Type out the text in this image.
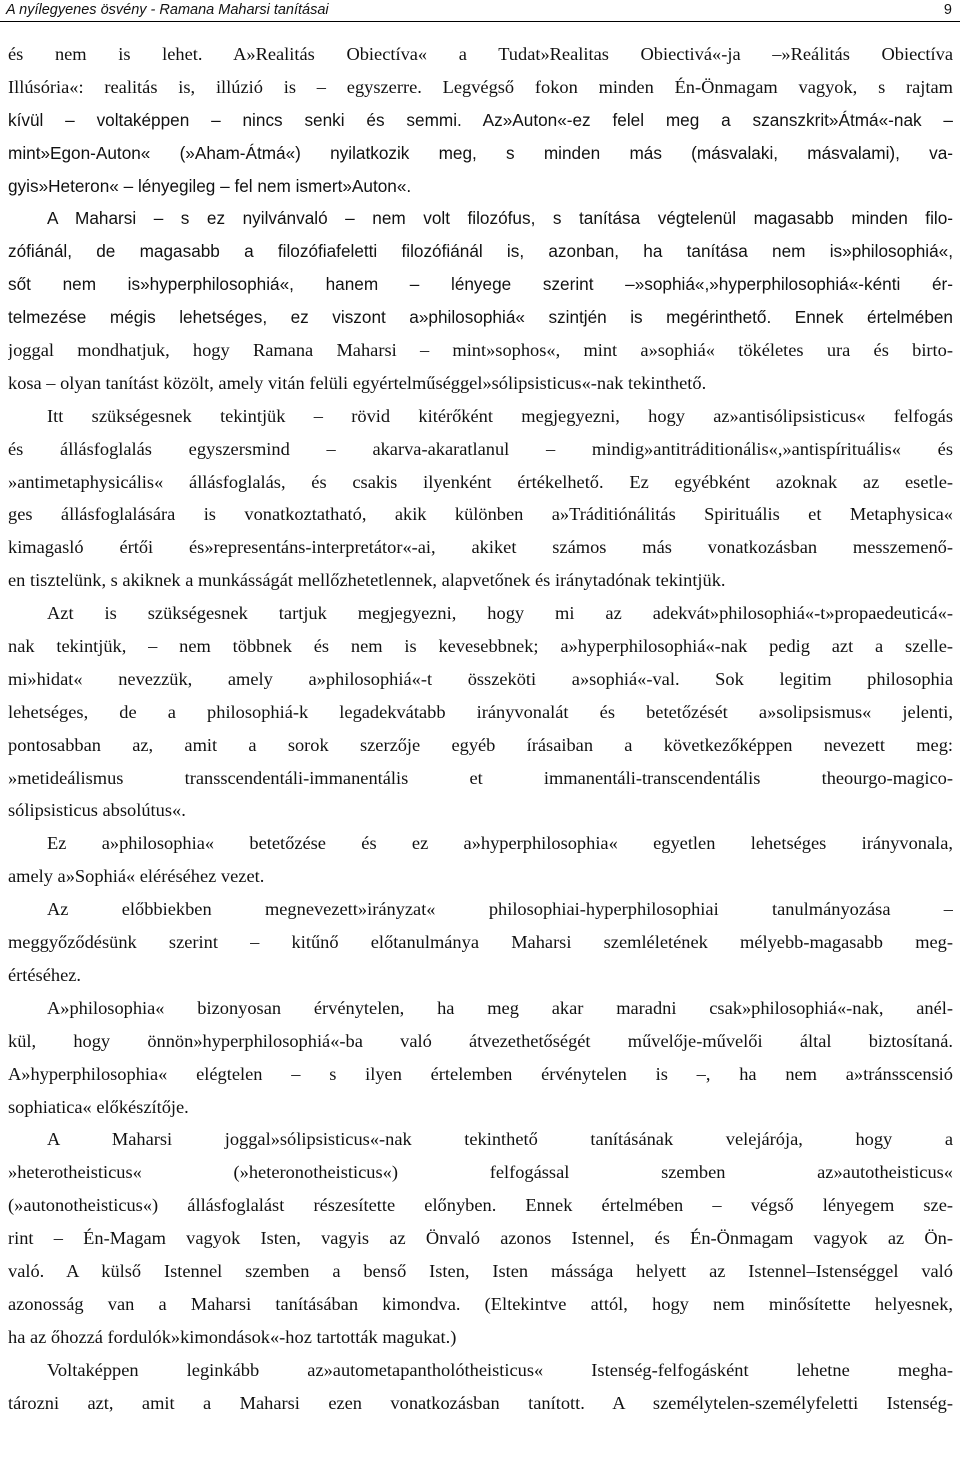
A nyílegyenes ösvény - Ramana Maharsi tanításai	9
és nem is lehet. A»Realitás Obiectíva« a Tudat»Realitas Obiectivá«-ja –»Reálitás Obiectíva
Illúsória«: realitás is, illúzió is – egyszerre. Legvégső fokon minden Én-Önmagam vagyok, s rajtam
kívül – voltaképpen – nincs senki és semmi. Az»Auton«-ez felel meg a szanszkrit»Átmá«-nak –
mint»Egon-Auton« (»Aham-Átmá«) nyilatkozik meg, s minden más (másvalaki, másvalami), va-
gyis»Heteron« – lényegileg – fel nem ismert»Auton«.
A Maharsi – s ez nyilvánvaló – nem volt filozófus, s tanítása végtelenül magasabb minden filo-
zófiánál, de magasabb a filozófiafeletti filozófiánál is, azonban, ha tanítása nem is»philosophiá«,
sőt nem is»hyperphilosophiá«, hanem – lényege szerint –»sophiá«,»hyperphilosophiá«-kénti ér-
telmezése mégis lehetséges, ez viszont a»philosophiá« szintjén is megérinthető. Ennek értelmében
joggal mondhatjuk, hogy Ramana Maharsi – mint»sophos«, mint a»sophiá« tökéletes ura és birto-
kosa – olyan tanítást közölt, amely vitán felüli egyértelműséggel»sólipsisticus«-nak tekinthető.
Itt szükségesnek tekintjük – rövid kitérőként megjegyezni, hogy az»antisólipsisticus« felfogás
és állásfoglalás egyszersmind – akarva-akaratlanul – mindig»antitráditionális«,»antispírituális« és
»antimetaphysicális« állásfoglalás, és csakis ilyenként értékelhető. Ez egyébként azoknak az esetle-
ges állásfoglalására is vonatkoztatható, akik különben a»Tráditiónálitás Spirituális et Metaphysica«
kimagasló értői és»representáns-interpretátor«-ai, akiket számos más vonatkozásban messzemenő-
en tisztelünk, s akiknek a munkásságát mellőzhetetlennek, alapvetőnek és iránytadónak tekintjük.
Azt is szükségesnek tartjuk megjegyezni, hogy mi az adekvát»philosophiá«-t»propaedeuticá«-
nak tekintjük, – nem többnek és nem is kevesebbnek; a»hyperphilosophiá«-nak pedig azt a szelle-
mi»hidat« nevezzük, amely a»philosophiá«-t összeköti a»sophiá«-val. Sok legitim philosophia
lehetséges, de a philosophiá-k legadekvátabb irányvonalát és betetőzését a»solipsismus« jelenti,
pontosabban az, amit a sorok szerzője egyéb írásaiban a következőképpen nevezett meg:
»metideálismus transscendentáli-immanentális et immanentáli-transcendentális theourgo-magico-
sólipsisticus absolútus«.
Ez a»philosophia« betetőzése és ez a»hyperphilosophia« egyetlen lehetséges irányvonala,
amely a»Sophiá« eléréséhez vezet.
Az előbbiekben megnevezett»irányzat« philosophiai-hyperphilosophiai tanulmányozása –
meggyőződésünk szerint – kitűnő előtanulmánya Maharsi szemléletének mélyebb-magasabb meg-
értéséhez.
A»philosophia« bizonyosan érvénytelen, ha meg akar maradni csak»philosophiá«-nak, anél-
kül, hogy önnön»hyperphilosophiá«-ba való átvezethetőségét művelője-művelői által biztosítaná.
A»hyperphilosophia« elégtelen – s ilyen értelemben érvénytelen is –, ha nem a»tránsscensió
sophiatica« előkészítője.
A Maharsi joggal»sólipsisticus«-nak tekinthető tanításának velejárója, hogy a
»heterotheisticus« (»heteronotheisticus«) felfogással szemben az»autotheisticus«
(»autonotheisticus«) állásfoglalást részesítette előnyben. Ennek értelmében – végső lényegem sze-
rint – Én-Magam vagyok Isten, vagyis az Önvaló azonos Istennel, és Én-Önmagam vagyok az Ön-
való. A külső Istennel szemben a benső Isten, Isten mássága helyett az Istennel–Istenséggel való
azonosság van a Maharsi tanításában kimondva. (Eltekintve attól, hogy nem minősítette helyesnek,
ha az őhozzá fordulók»kimondások«-hoz tartották magukat.)
Voltaképpen leginkább az»autometapantholótheisticus« Istenség-felfogásként lehetne megha-
tározni azt, amit a Maharsi ezen vonatkozásban tanított. A személytelen-személyfeletti Istenség-
